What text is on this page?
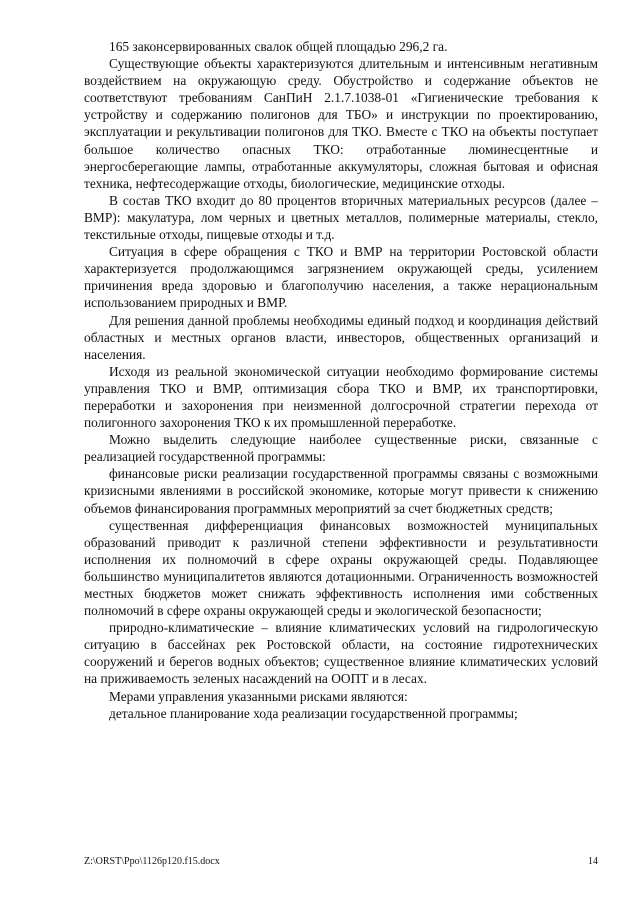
165 законсервированных свалок общей площадью 296,2 га.

Существующие объекты характеризуются длительным и интенсивным негативным воздействием на окружающую среду. Обустройство и содержание объектов не соответствуют требованиям СанПиН 2.1.7.1038-01 «Гигиенические требования к устройству и содержанию полигонов для ТБО» и инструкции по проектированию, эксплуатации и рекультивации полигонов для ТКО. Вместе с ТКО на объекты поступает большое количество опасных ТКО: отработанные люминесцентные и энергосберегающие лампы, отработанные аккумуляторы, сложная бытовая и офисная техника, нефтесодержащие отходы, биологические, медицинские отходы.

В состав ТКО входит до 80 процентов вторичных материальных ресурсов (далее – ВМР): макулатура, лом черных и цветных металлов, полимерные материалы, стекло, текстильные отходы, пищевые отходы и т.д.

Ситуация в сфере обращения с ТКО и ВМР на территории Ростовской области характеризуется продолжающимся загрязнением окружающей среды, усилением причинения вреда здоровью и благополучию населения, а также нерациональным использованием природных и ВМР.

Для решения данной проблемы необходимы единый подход и координация действий областных и местных органов власти, инвесторов, общественных организаций и населения.

Исходя из реальной экономической ситуации необходимо формирование системы управления ТКО и ВМР, оптимизация сбора ТКО и ВМР, их транспортировки, переработки и захоронения при неизменной долгосрочной стратегии перехода от полигонного захоронения ТКО к их промышленной переработке.

Можно выделить следующие наиболее существенные риски, связанные с реализацией государственной программы:

финансовые риски реализации государственной программы связаны с возможными кризисными явлениями в российской экономике, которые могут привести к снижению объемов финансирования программных мероприятий за счет бюджетных средств;

существенная дифференциация финансовых возможностей муниципальных образований приводит к различной степени эффективности и результативности исполнения их полномочий в сфере охраны окружающей среды. Подавляющее большинство муниципалитетов являются дотационными. Ограниченность возможностей местных бюджетов может снижать эффективность исполнения ими собственных полномочий в сфере охраны окружающей среды и экологической безопасности;

природно-климатические – влияние климатических условий на гидрологическую ситуацию в бассейнах рек Ростовской области, на состояние гидротехнических сооружений и берегов водных объектов; существенное влияние климатических условий на приживаемость зеленых насаждений на ООПТ и в лесах.

Мерами управления указанными рисками являются:

детальное планирование хода реализации государственной программы;

Z:\ORST\Ppo\1126p120.f15.docx	14
